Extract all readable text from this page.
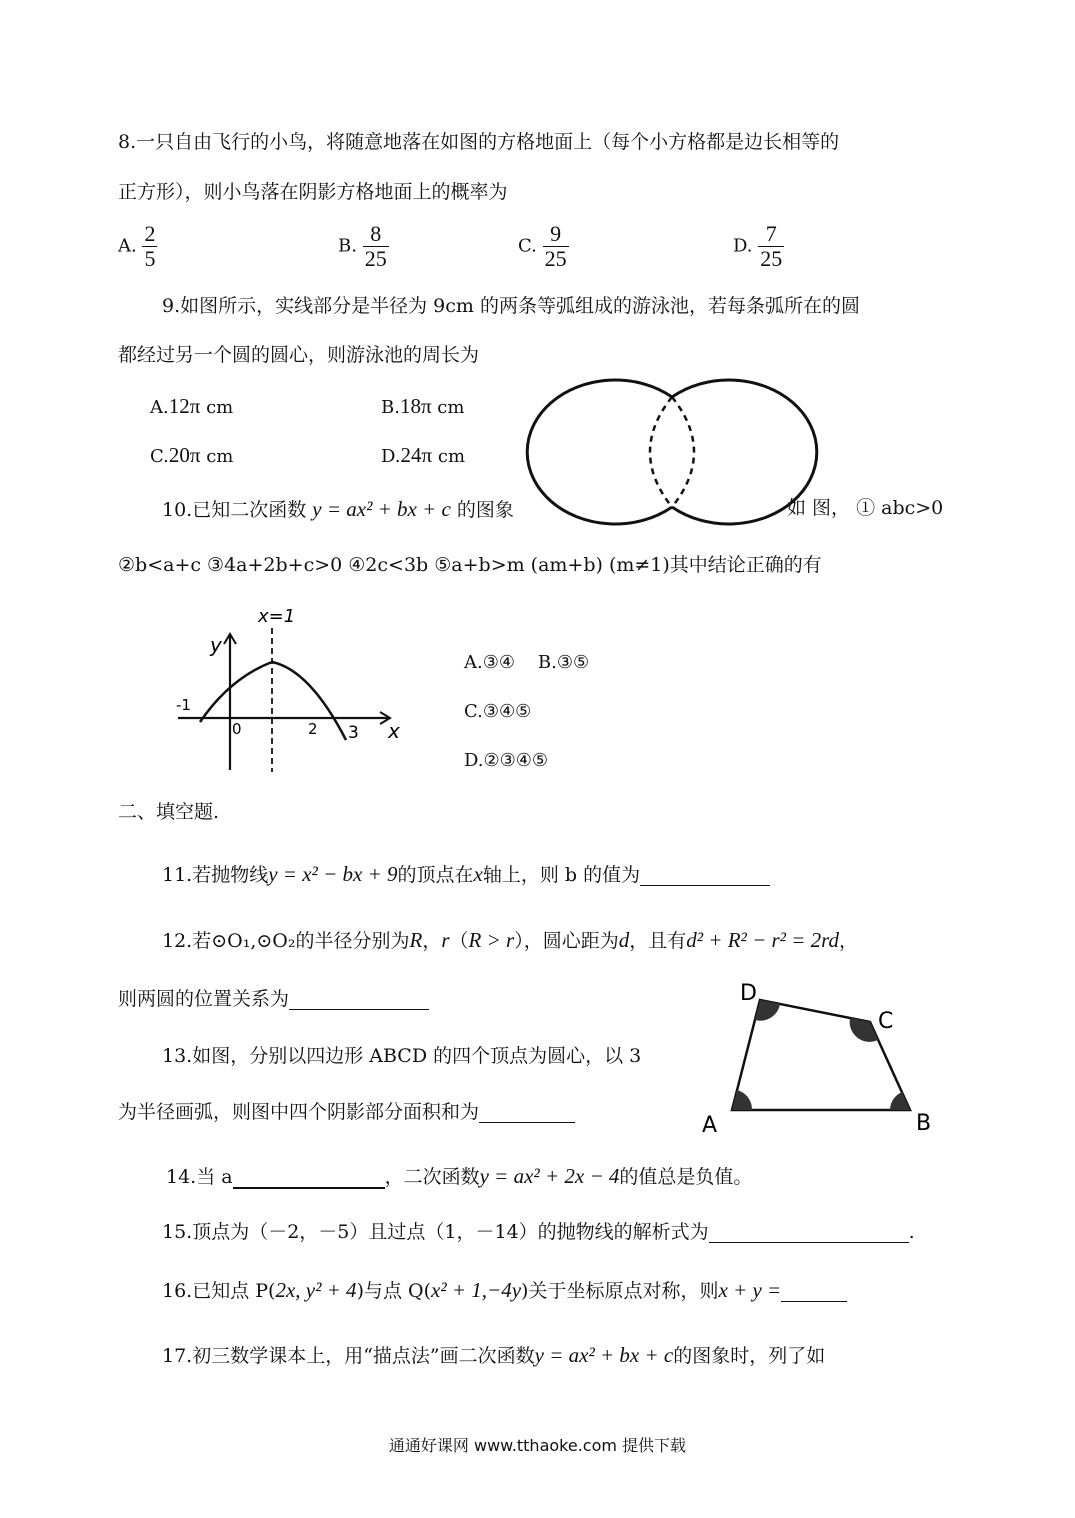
8.一只自由飞行的小鸟，将随意地落在如图的方格地面上（每个小方格都是边长相等的
正方形），则小鸟落在阴影方格地面上的概率为
A. $\frac{2}{5}$	B. $\frac{8}{25}$	C. $\frac{9}{25}$	D. $\frac{7}{25}$
9.如图所示，实线部分是半径为 9cm 的两条等弧组成的游泳池，若每条弧所在的圆
都经过另一个圆的圆心，则游泳池的周长为
A.12π cm	B.18π cm
C.20π cm	D.24π cm
10.已知二次函数 y = ax² + bx + c 的图象	如 图， ① abc>0
②b<a+c ③4a+2b+c>0 ④2c<3b ⑤a+b>m (am+b) (m≠1)其中结论正确的有
x=1
y
x
-1
0	2 3
A.③④ B.③⑤
C.③④⑤
D.②③④⑤
二、填空题.
11.若抛物线y = x² − bx + 9的顶点在x轴上，则 b 的值为
12.若⊙O₁,⊙O₂的半径分别为R，r（R > r），圆心距为d，且有d² + R² − r² = 2rd，
则两圆的位置关系为
13.如图，分别以四边形 ABCD 的四个顶点为圆心，以 3
为半径画弧，则图中四个阴影部分面积和为
D
C
B
A
14.当 a	，二次函数y = ax² + 2x − 4的值总是负值。
15.顶点为（－2，－5）且过点（1，－14）的抛物线的解析式为	.
16.已知点 P(2x, y² + 4)与点 Q(x² + 1,−4y)关于坐标原点对称，则x + y =
17.初三数学课本上，用“描点法”画二次函数y = ax² + bx + c的图象时，列了如
通通好课网 www.tthaoke.com 提供下载
